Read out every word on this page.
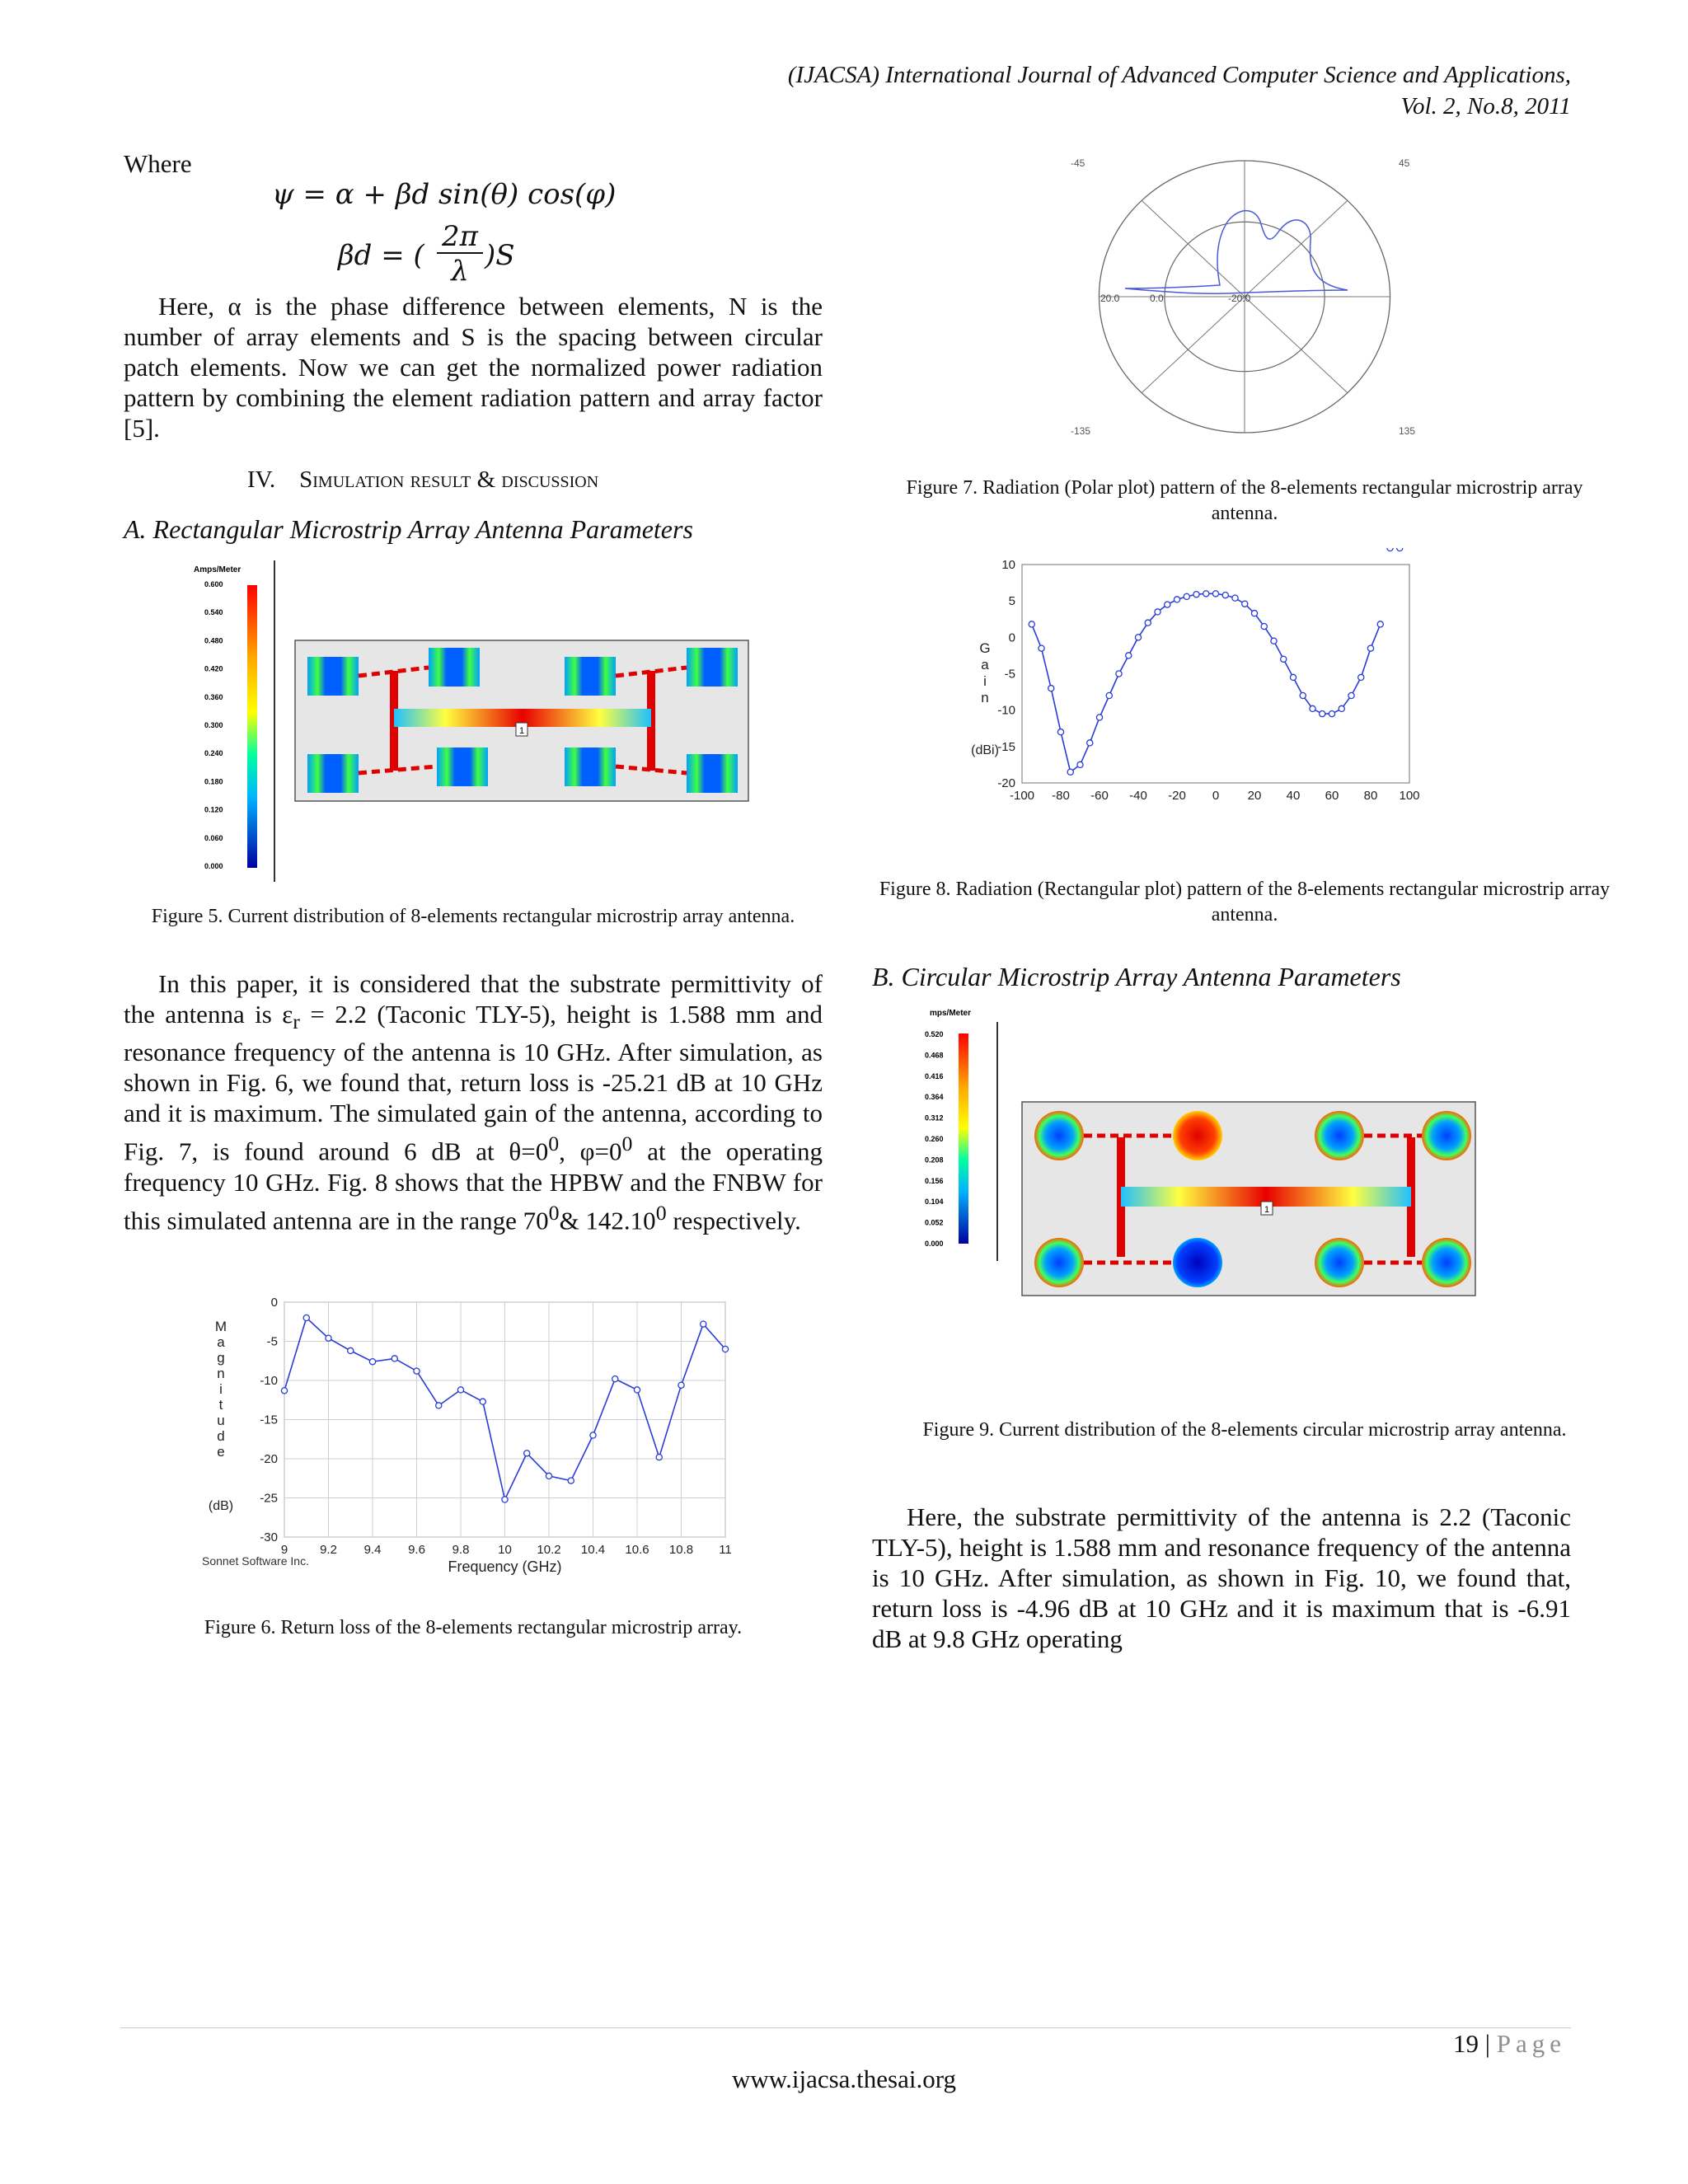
(IJACSA) International Journal of Advanced Computer Science and Applications,
Vol. 2, No.8, 2011
Where
ψ = α + βd sin(θ) cos(φ)
βd = (
2π
λ )S

Here, α is the phase difference between elements, N is the number of array elements and S is the spacing between circular patch elements. Now we can get the normalized power radiation pattern by combining the element radiation pattern and array factor [5].

IV. Simulation result & discussion
A. Rectangular Microstrip Array Antenna Parameters
Amps/Meter
0.600
0.540
0.480
0.420
0.360
0.300
0.240
0.180
0.120
0.060
0.000
1
Figure 5. Current distribution of 8-elements rectangular microstrip array antenna.

In this paper, it is considered that the substrate permittivity of the antenna is $\varepsilon_r = 2.2$ (Taconic TLY-5), height is 1.588 mm and resonance frequency of the antenna is 10 GHz. After simulation, as shown in Fig. 6, we found that, return loss is -25.21 dB at 10 GHz and it is maximum. The simulated gain of the antenna, according to Fig. 7, is found around 6 dB at $\theta=0^0$, $\varphi=0^0$ at the operating frequency 10 GHz. Fig. 8 shows that the HPBW and the FNBW for this simulated antenna are in the range $70^0\&$ 142.10$^0$ respectively.

9	9.2 9.4 9.6 9.8 10 10.2 10.4 10.6 10.8 11
0
-5
-10
-15
-20
-25
-30
M
a
g
n
i
t
u
d
e
(dB)
Frequency (GHz)
Sonnet Software Inc.
Figure 6. Return loss of the 8-elements rectangular microstrip array.
-45	45
-135	135
20.0	0.0	-20.0
Figure 7. Radiation (Polar plot) pattern of the 8-elements rectangular microstrip array antenna.
-100 -80 -60 -40 -20 0 20 40 60 80 100
10
5
0
-5
-10
-15
-20
G
a
i
n
(dBi)
Figure 8. Radiation (Rectangular plot) pattern of the 8-elements rectangular microstrip array antenna.
B. Circular Microstrip Array Antenna Parameters
mps/Meter
0.520
0.468
0.416
0.364
0.312
0.260
0.208
0.156
0.104
0.052
0.000
1
Figure 9. Current distribution of the 8-elements circular microstrip array antenna.

Here, the substrate permittivity of the antenna is 2.2 (Taconic TLY-5), height is 1.588 mm and resonance frequency of the antenna is 10 GHz. After simulation, as shown in Fig. 10, we found that, return loss is -4.96 dB at 10 GHz and it is maximum that is -6.91 dB at 9.8 GHz operating

19 | Page
www.ijacsa.thesai.org
